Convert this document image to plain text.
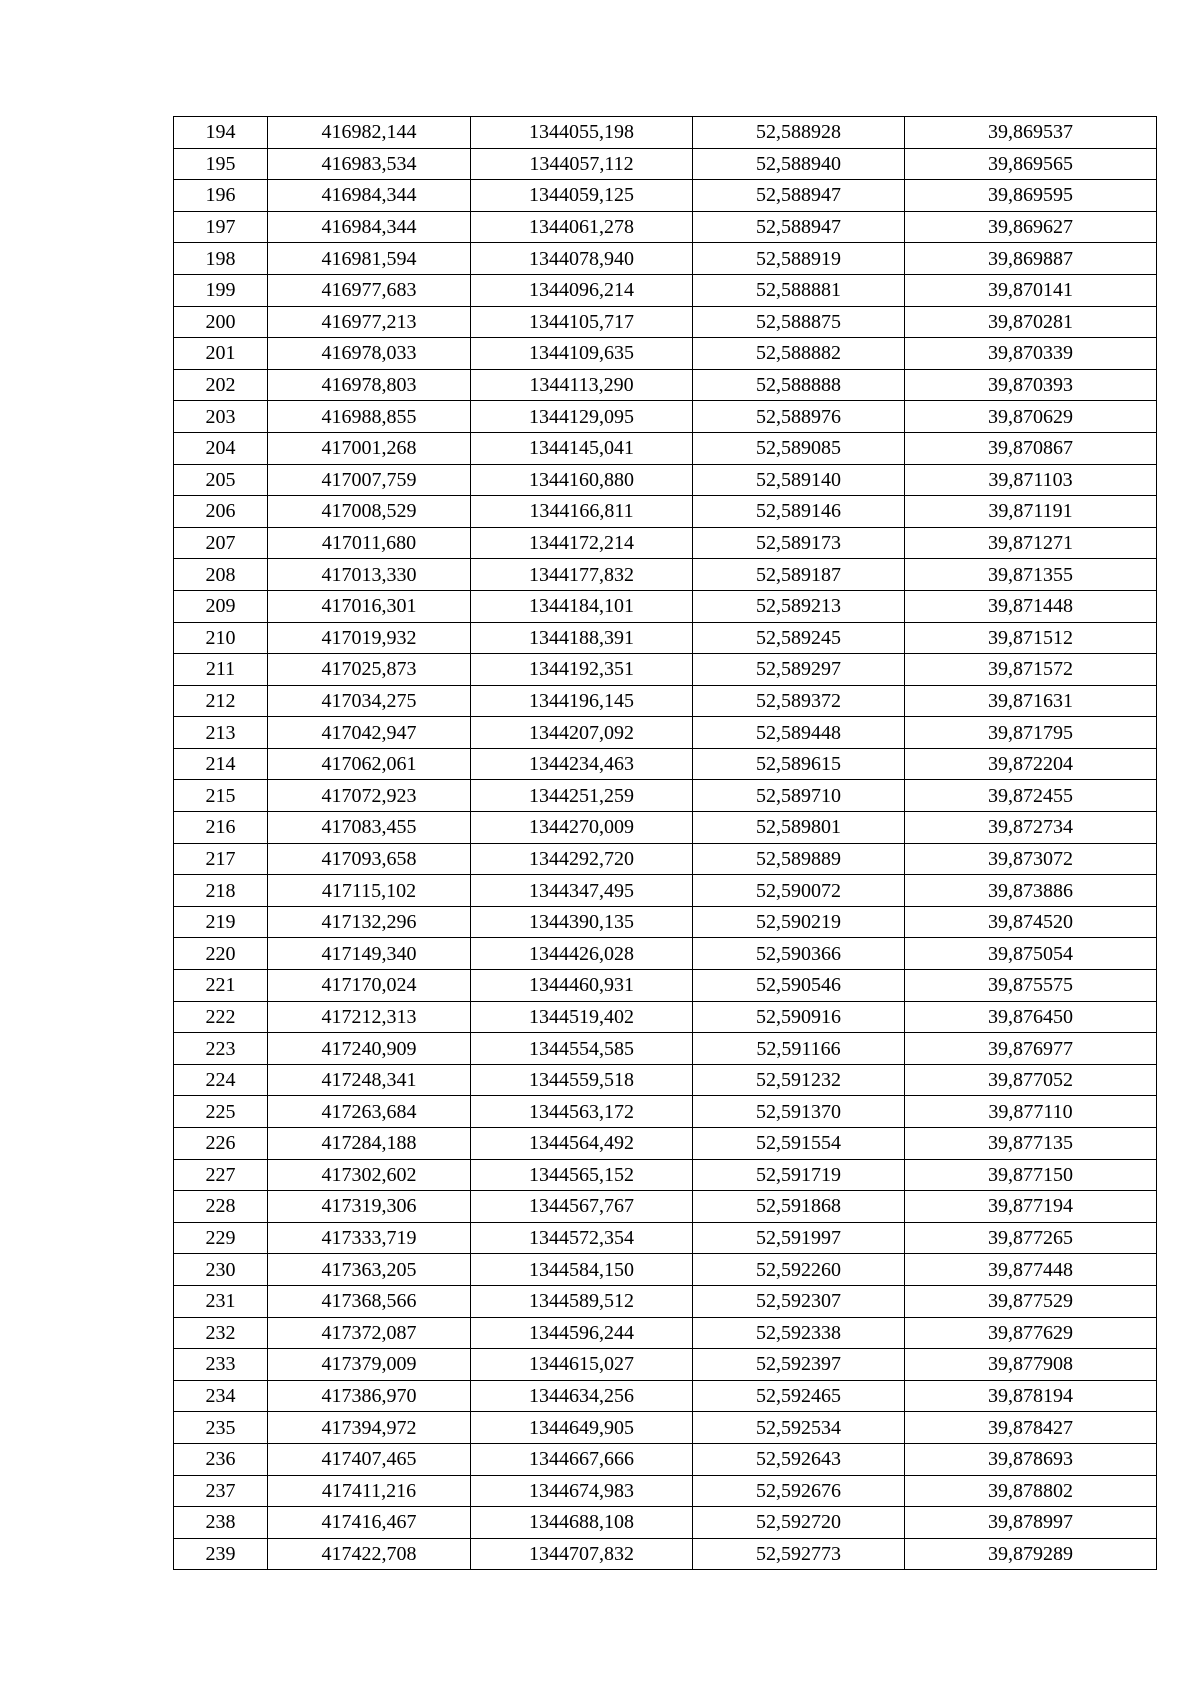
194	416982,144	1344055,198	52,588928	39,869537
195	416983,534	1344057,112	52,588940	39,869565
196	416984,344	1344059,125	52,588947	39,869595
197	416984,344	1344061,278	52,588947	39,869627
198	416981,594	1344078,940	52,588919	39,869887
199	416977,683	1344096,214	52,588881	39,870141
200	416977,213	1344105,717	52,588875	39,870281
201	416978,033	1344109,635	52,588882	39,870339
202	416978,803	1344113,290	52,588888	39,870393
203	416988,855	1344129,095	52,588976	39,870629
204	417001,268	1344145,041	52,589085	39,870867
205	417007,759	1344160,880	52,589140	39,871103
206	417008,529	1344166,811	52,589146	39,871191
207	417011,680	1344172,214	52,589173	39,871271
208	417013,330	1344177,832	52,589187	39,871355
209	417016,301	1344184,101	52,589213	39,871448
210	417019,932	1344188,391	52,589245	39,871512
211	417025,873	1344192,351	52,589297	39,871572
212	417034,275	1344196,145	52,589372	39,871631
213	417042,947	1344207,092	52,589448	39,871795
214	417062,061	1344234,463	52,589615	39,872204
215	417072,923	1344251,259	52,589710	39,872455
216	417083,455	1344270,009	52,589801	39,872734
217	417093,658	1344292,720	52,589889	39,873072
218	417115,102	1344347,495	52,590072	39,873886
219	417132,296	1344390,135	52,590219	39,874520
220	417149,340	1344426,028	52,590366	39,875054
221	417170,024	1344460,931	52,590546	39,875575
222	417212,313	1344519,402	52,590916	39,876450
223	417240,909	1344554,585	52,591166	39,876977
224	417248,341	1344559,518	52,591232	39,877052
225	417263,684	1344563,172	52,591370	39,877110
226	417284,188	1344564,492	52,591554	39,877135
227	417302,602	1344565,152	52,591719	39,877150
228	417319,306	1344567,767	52,591868	39,877194
229	417333,719	1344572,354	52,591997	39,877265
230	417363,205	1344584,150	52,592260	39,877448
231	417368,566	1344589,512	52,592307	39,877529
232	417372,087	1344596,244	52,592338	39,877629
233	417379,009	1344615,027	52,592397	39,877908
234	417386,970	1344634,256	52,592465	39,878194
235	417394,972	1344649,905	52,592534	39,878427
236	417407,465	1344667,666	52,592643	39,878693
237	417411,216	1344674,983	52,592676	39,878802
238	417416,467	1344688,108	52,592720	39,878997
239	417422,708	1344707,832	52,592773	39,879289
